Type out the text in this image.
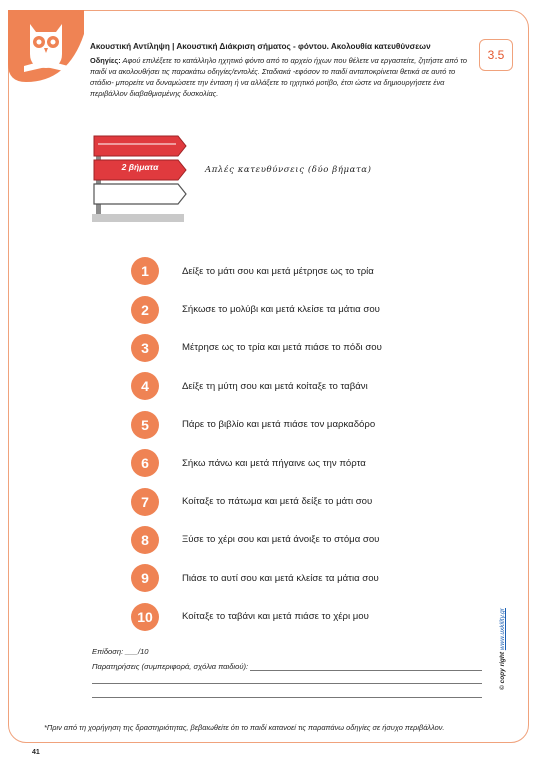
3.5
Ακουστική Αντίληψη | Ακουστική Διάκριση σήματος - φόντου. Ακολουθία κατευθύνσεων

Οδηγίες: Αφού επιλέξετε το κατάλληλο ηχητικό φόντο από το αρχείο ήχων που θέλετε να εργαστείτε, ζητήστε από το παιδί να ακολουθήσει τις παρακάτω οδηγίες/εντολές. Σταδιακά -εφόσον το παιδί ανταποκρίνεται θετικά σε αυτό το στάδιο- μπορείτε να δυναμώσετε την ένταση ή να αλλάξετε το ηχητικό μοτίβο, έτσι ώστε να δημιουργήσετε ένα περιβάλλον διαβαθμισμένης δυσκολίας.

2 βήματα	Απλές κατευθύνσεις (δύο βήματα)
1	Δείξε το μάτι σου και μετά μέτρησε ως το τρία
2	Σήκωσε το μολύβι και μετά κλείσε τα μάτια σου
3	Μέτρησε ως το τρία και μετά πιάσε το πόδι σου
4	Δείξε τη μύτη σου και μετά κοίταξε το ταβάνι
5	Πάρε το βιβλίο και μετά πιάσε τον μαρκαδόρο
6	Σήκω πάνω και μετά πήγαινε ως την πόρτα
7	Κοίταξε το πάτωμα και μετά δείξε το μάτι σου
8	Ξύσε το χέρι σου και μετά άνοιξε το στόμα σου
9	Πιάσε το αυτί σου και μετά κλείσε τα μάτια σου
10	Κοίταξε το ταβάνι και μετά πιάσε το χέρι μου
Επίδοση: ___/10
Παρατηρήσεις (συμπεριφορά, σχόλια παιδιού):
*Πριν από τη χορήγηση της δραστηριότητας, βεβαιωθείτε ότι το παιδί κατανοεί τις παραπάνω οδηγίες σε ήσυχο περιβάλλον.
41
© copy right www.uxkility.gr
